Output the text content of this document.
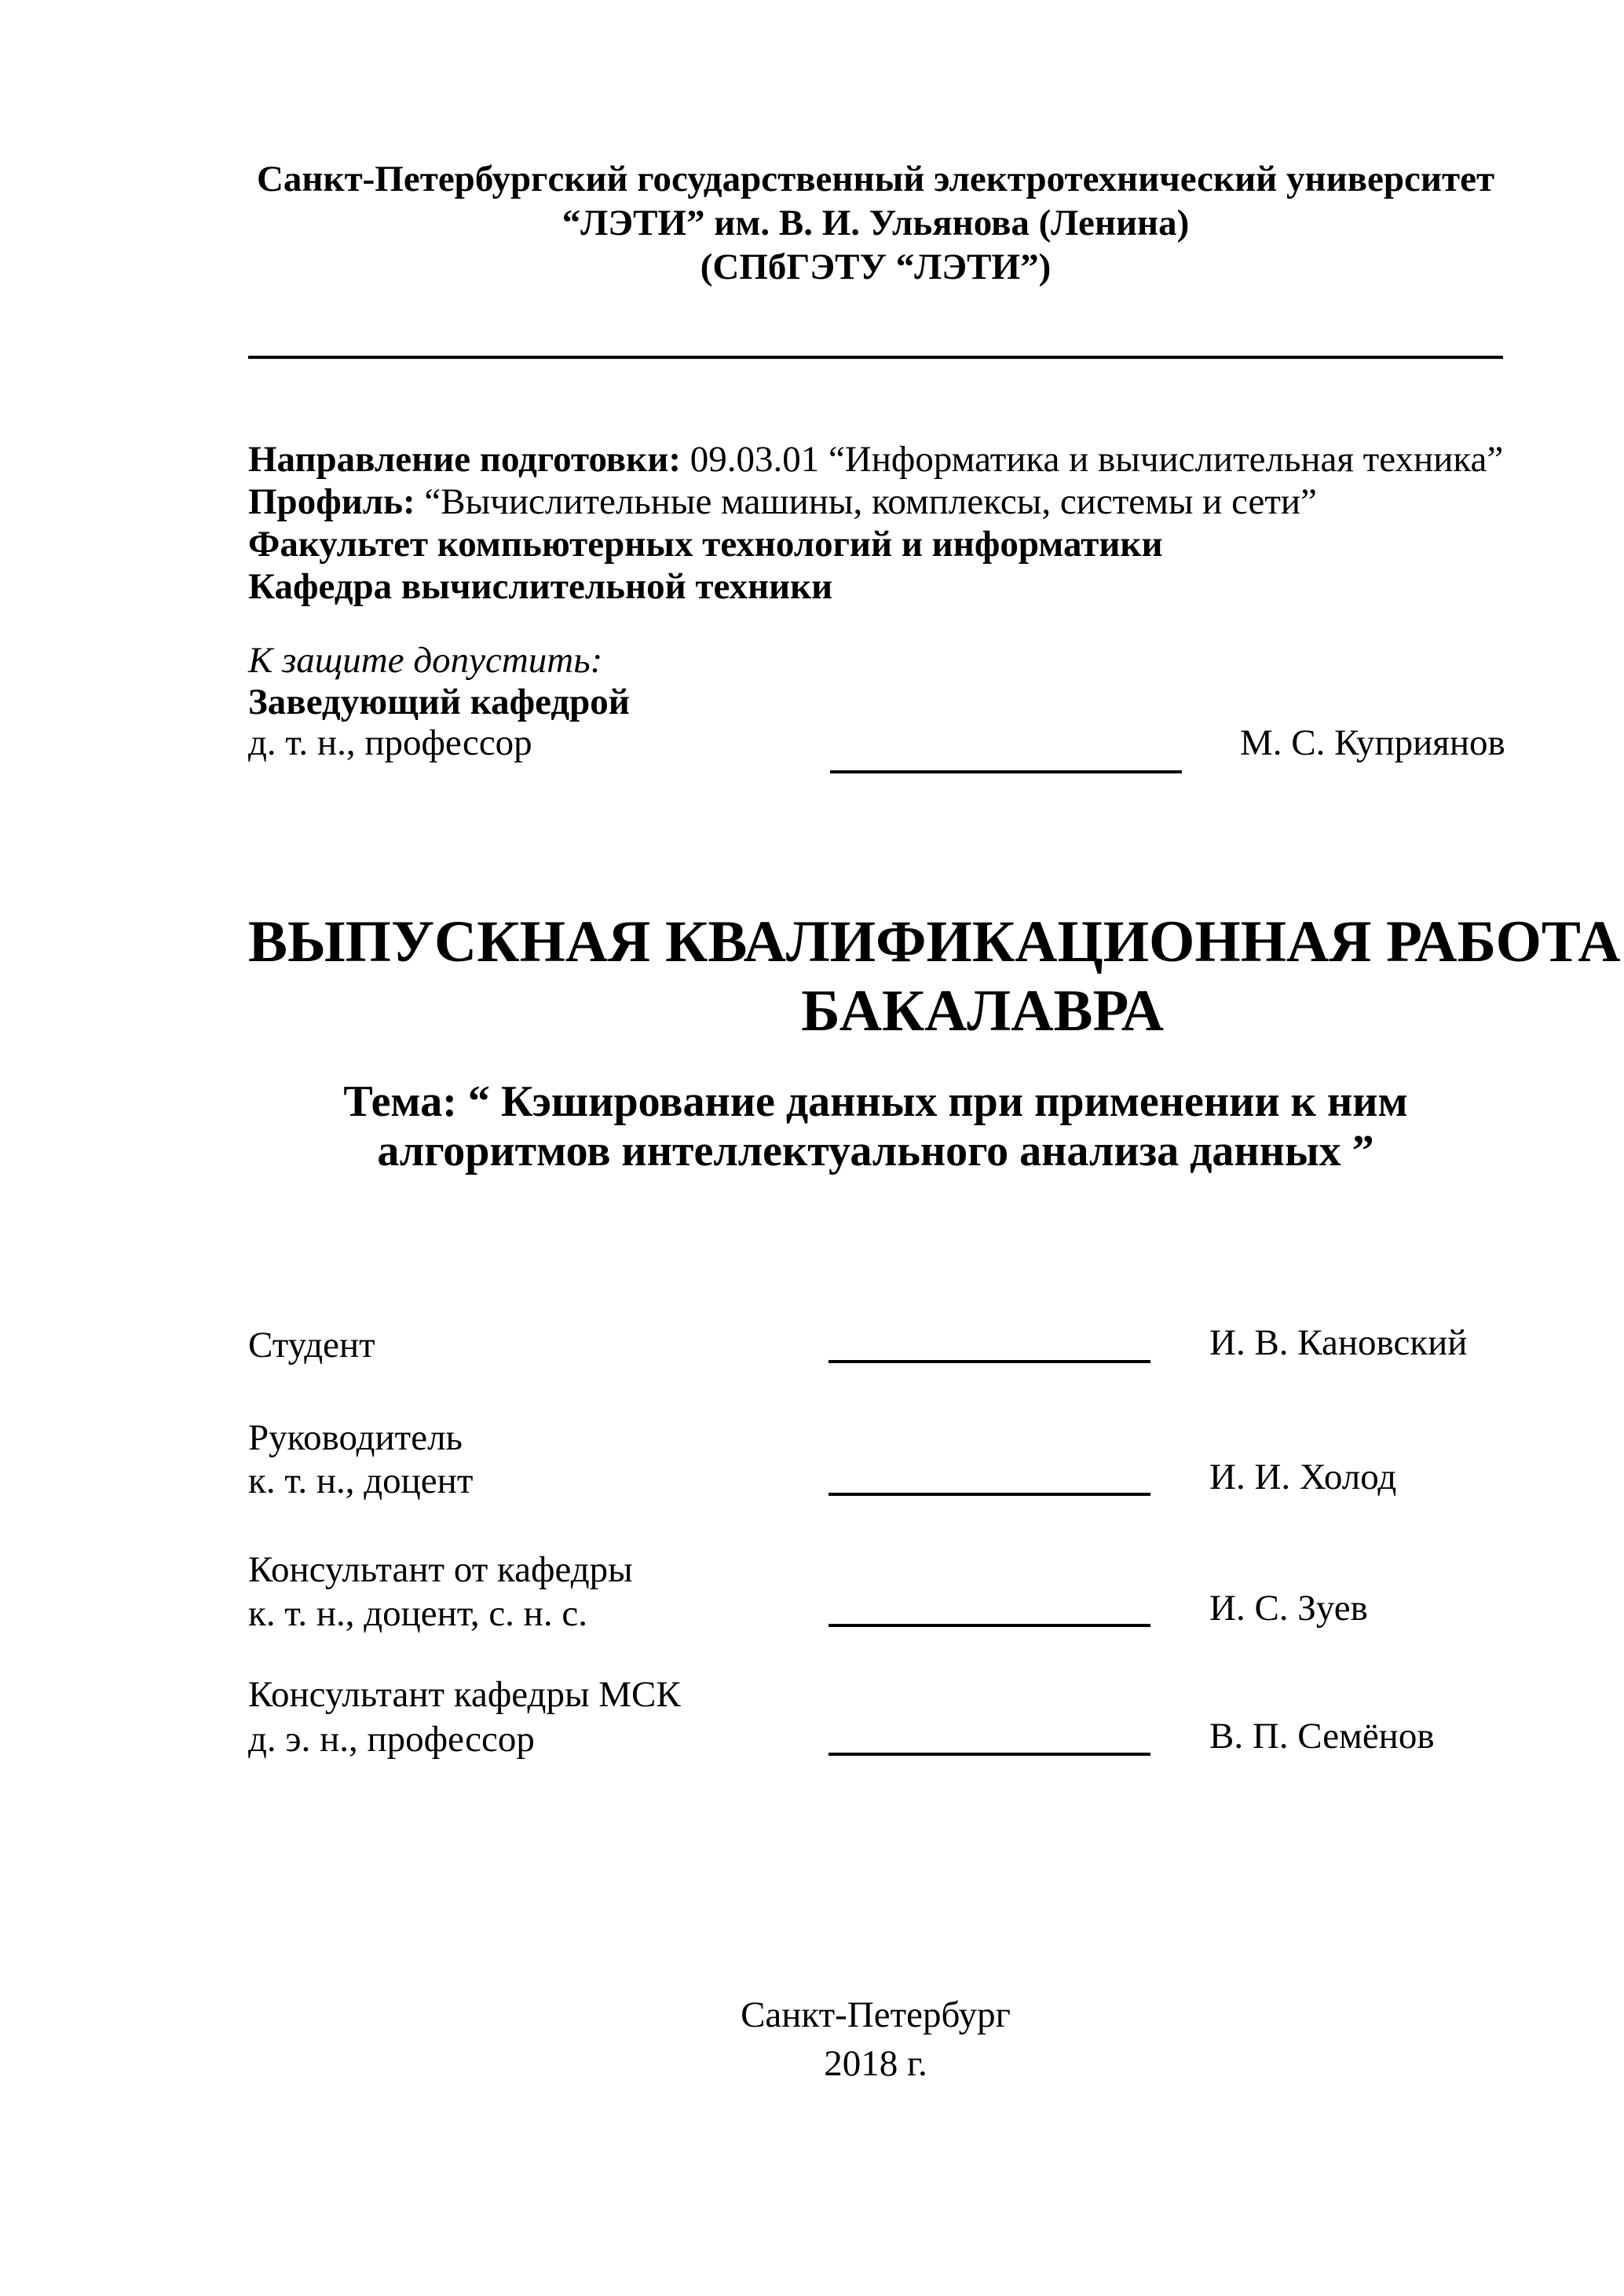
Санкт-Петербургский государственный электротехнический университет
“ЛЭТИ” им. В. И. Ульянова (Ленина)
(СПбГЭТУ “ЛЭТИ”)
Направление подготовки: 09.03.01 “Информатика и вычислительная техника”
Профиль: “Вычислительные машины, комплексы, системы и сети”
Факультет компьютерных технологий и информатики
Кафедра вычислительной техники
К защите допустить:
Заведующий кафедрой
д. т. н., профессор	М. С. Куприянов
ВЫПУСКНАЯ КВАЛИФИКАЦИОННАЯ РАБОТА
БАКАЛАВРА
Тема: “ Кэширование данных при применении к ним
алгоритмов интеллектуального анализа данных ”
Студент	И. В. Кановский
Руководитель
к. т. н., доцент	И. И. Холод
Консультант от кафедры
к. т. н., доцент, с. н. с.	И. С. Зуев
Консультант кафедры МСК
д. э. н., профессор	В. П. Семёнов
Санкт-Петербург
2018 г.
